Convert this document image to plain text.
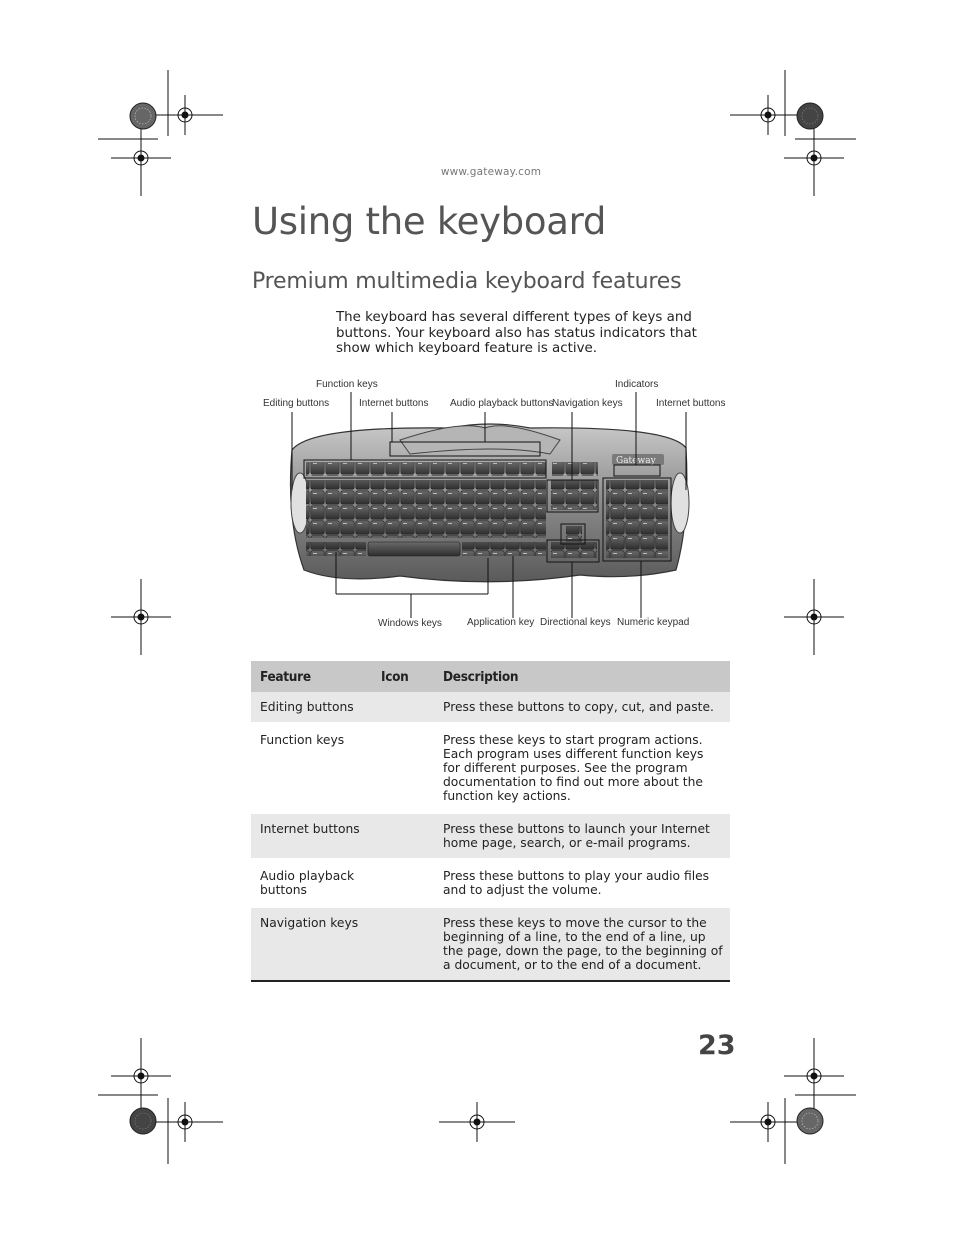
www.gateway.com
Using the keyboard
Premium multimedia keyboard features

The keyboard has several different types of keys and buttons. Your keyboard also has status indicators that show which keyboard feature is active.

Gateway
Function keys	Indicators
Editing buttons	Internet buttons Audio playback buttons
Navigation keys	Internet buttons
Windows keys	Application key Directional keys Numeric keypad
Feature	Icon	Description
Editing buttons		Press these buttons to copy, cut, and paste.
Function keys		Press these keys to start program actions. Each program uses different function keys for different purposes. See the program documentation to find out more about the function key actions.
Internet buttons		Press these buttons to launch your Internet home page, search, or e-mail programs.
Audio playback buttons		Press these buttons to play your audio files and to adjust the volume.
Navigation keys		Press these keys to move the cursor to the beginning of a line, to the end of a line, up the page, down the page, to the beginning of a document, or to the end of a document.
23
